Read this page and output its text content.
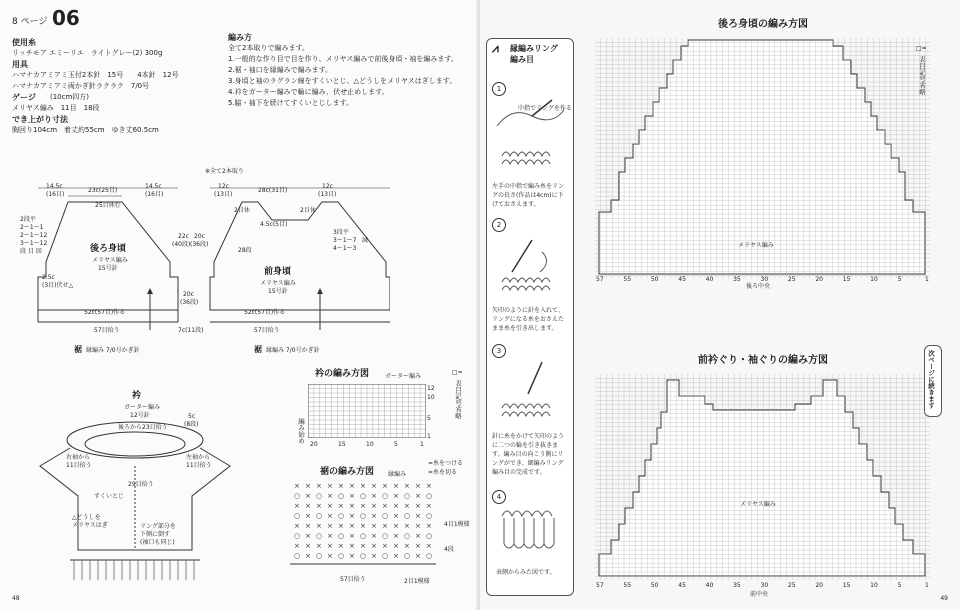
8 ページ 06
使用糸
リッチモア エミーリエ　ライトグレー(2) 300g
用具
ハマナカアミアミ玉付2本針　15号　　4本針　12号
ハマナカアミアミ両かぎ針ラクラク　7/0号
ゲージ (10cm四方)
メリヤス編み　11目　18段
でき上がり寸法
胸回り104cm　着丈約55cm　ゆき丈60.5cm
編み方
全て2本取りで編みます。
1.一般的な作り目で目を作り、メリヤス編みで前後身頃・袖を編みます。
2.裾・袖口を縁編みで編みます。
3.身頃と袖のラグラン線をすくいとじ、△どうしをメリヤスはぎします。
4.衿をガーター編みで輪に編み、伏せ止めします。
5.脇・袖下を続けてすくいとじします。
※全て2本取り
14.5c
(16目)
23c(25目)
14.5c
(16目)
25目休む
2段平
2ー1ー1
2ー1ー12
3ー1ー12
段 目 回	後ろ身頃
メリヤス編み
15号針
2.5c
(3目)伏せ△
52c(57目)作る
57目拾う
22c
(40段)
裾 縁編み 7/0号かぎ針
12c
(13目)
28c(31目)
12c
(13目)
2目休	2目休
4.5c(5目)
28段
3段平
3ー1ー7
4ー1ー3
減
20c
(36段)
前身頃
メリヤス編み
15号針
20c
(36段)
52c(57目)作る
57目拾う
7c(11段)
裾 縁編み 7/0号かぎ針
衿
ガーター編み
12号針	5c
(8段)
後ろから23目拾う
右袖から
11目拾う
左袖から
11目拾う
29目拾う
すくいとじ
△どうしを
メリヤスはぎ	リング部分を
下側に倒す
(袖口も同じ)
衿の編み方図	ガーター編み
編み始め
12
10
5
1
20	15	10	5	1
□=
表目記号省略
裾の編み方図 縁編み
=糸をつける
=糸を切る
× × × × × × × × × × × × ×
○ × ○ × ○ × ○ × ○ × ○ × ○
× × × × × × × × × × × × ×
○ × ○ × ○ × ○ × ○ × ○ × ○
× × × × × × × × × × × × ×
○ × ○ × ○ × ○ × ○ × ○ × ○
× × × × × × × × × × × × ×
○ × ○ × ○ × ○ × ○ × ○ × ○
4目1模様
4段
57目拾う	2目1模様
48
⩘ 縁編みリング
編み目
1
中指でリングを作る
左手の中指で編み糸をリングの長さ(作品は4cm)に下げておさえます。
2
矢印のように針を入れて、リングになる糸をおさえたまま糸を引き出します。
3
針に糸をかけて矢印のように二つの輪を引き抜きます。編み目の向こう側にリングができ、細編みリング編み目の完成です。
4
表側からみた図です。
後ろ身頃の編み方図
メリヤス編み
後ろ中央
57	55	50	45	40	35	30	25	20	15	10	5	1
前衿ぐり・袖ぐりの編み方図
メリヤス編み
前中央
57	55	50	45	40	35	30	25	20	15	10	5	1
□=
表目記号省略
次ページに続きます
49
